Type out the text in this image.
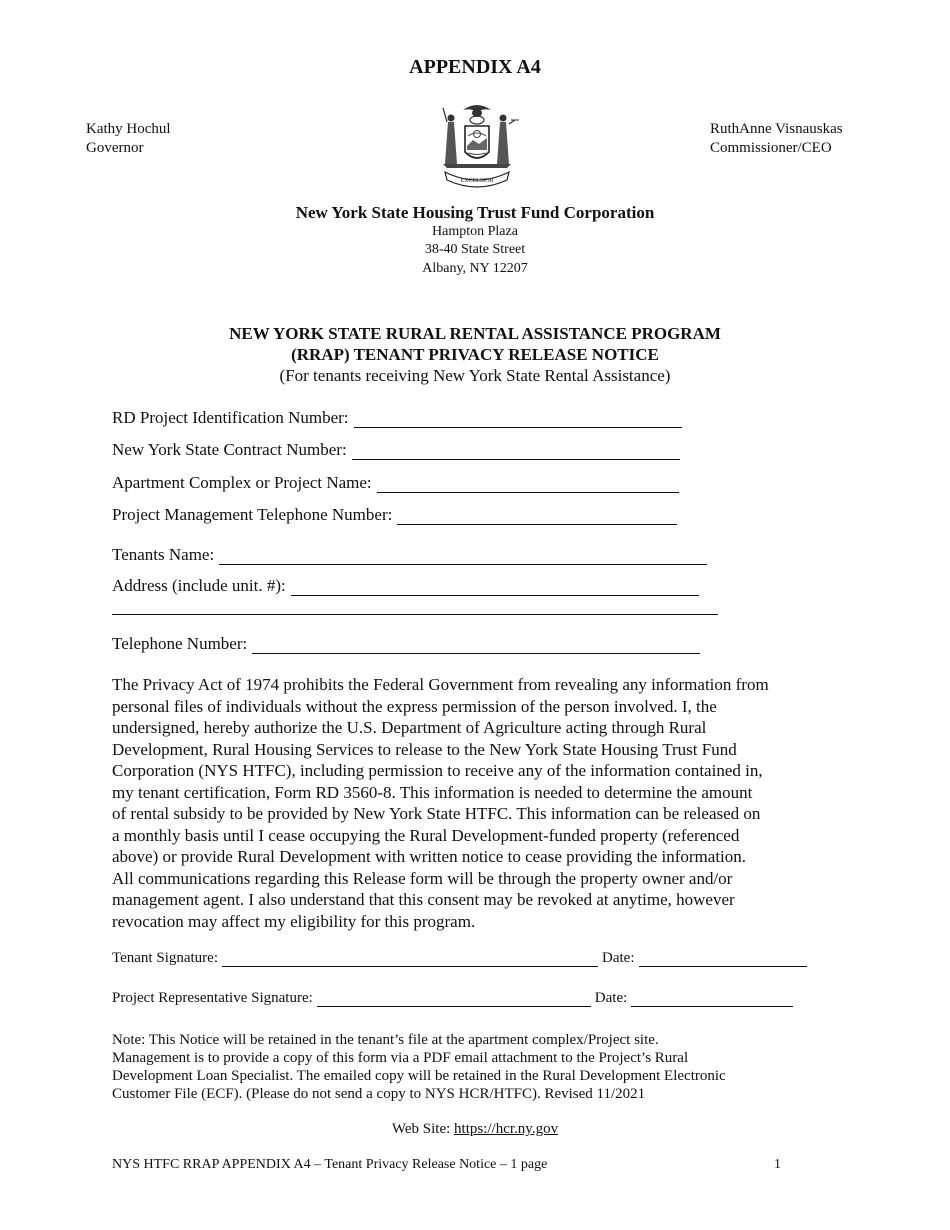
APPENDIX A4
Kathy Hochul
Governor
RuthAnne Visnauskas
Commissioner/CEO
EXCELSIOR
New York State Housing Trust Fund Corporation
Hampton Plaza
38-40 State Street
Albany, NY 12207
NEW YORK STATE RURAL RENTAL ASSISTANCE PROGRAM
(RRAP) TENANT PRIVACY RELEASE NOTICE
(For tenants receiving New York State Rental Assistance)
RD Project Identification Number:
New York State Contract Number:
Apartment Complex or Project Name:
Project Management Telephone Number:
Tenants Name:
Address (include unit. #):
Telephone Number:

The Privacy Act of 1974 prohibits the Federal Government from revealing any information from

personal files of individuals without the express permission of the person involved. I, the

undersigned, hereby authorize the U.S. Department of Agriculture acting through Rural

Development, Rural Housing Services to release to the New York State Housing Trust Fund

Corporation (NYS HTFC), including permission to receive any of the information contained in,

my tenant certification, Form RD 3560-8. This information is needed to determine the amount

of rental subsidy to be provided by New York State HTFC. This information can be released on

a monthly basis until I cease occupying the Rural Development-funded property (referenced

above) or provide Rural Development with written notice to cease providing the information.

All communications regarding this Release form will be through the property owner and/or

management agent. I also understand that this consent may be revoked at anytime, however

revocation may affect my eligibility for this program.

Tenant Signature:	Date:
Project Representative Signature:	Date:

Note: This Notice will be retained in the tenant’s file at the apartment complex/Project site.

Management is to provide a copy of this form via a PDF email attachment to the Project’s Rural

Development Loan Specialist. The emailed copy will be retained in the Rural Development Electronic

Customer File (ECF). (Please do not send a copy to NYS HCR/HTFC). Revised 11/2021

Web Site: https://hcr.ny.gov
NYS HTFC RRAP APPENDIX A4 – Tenant Privacy Release Notice – 1 page	1
